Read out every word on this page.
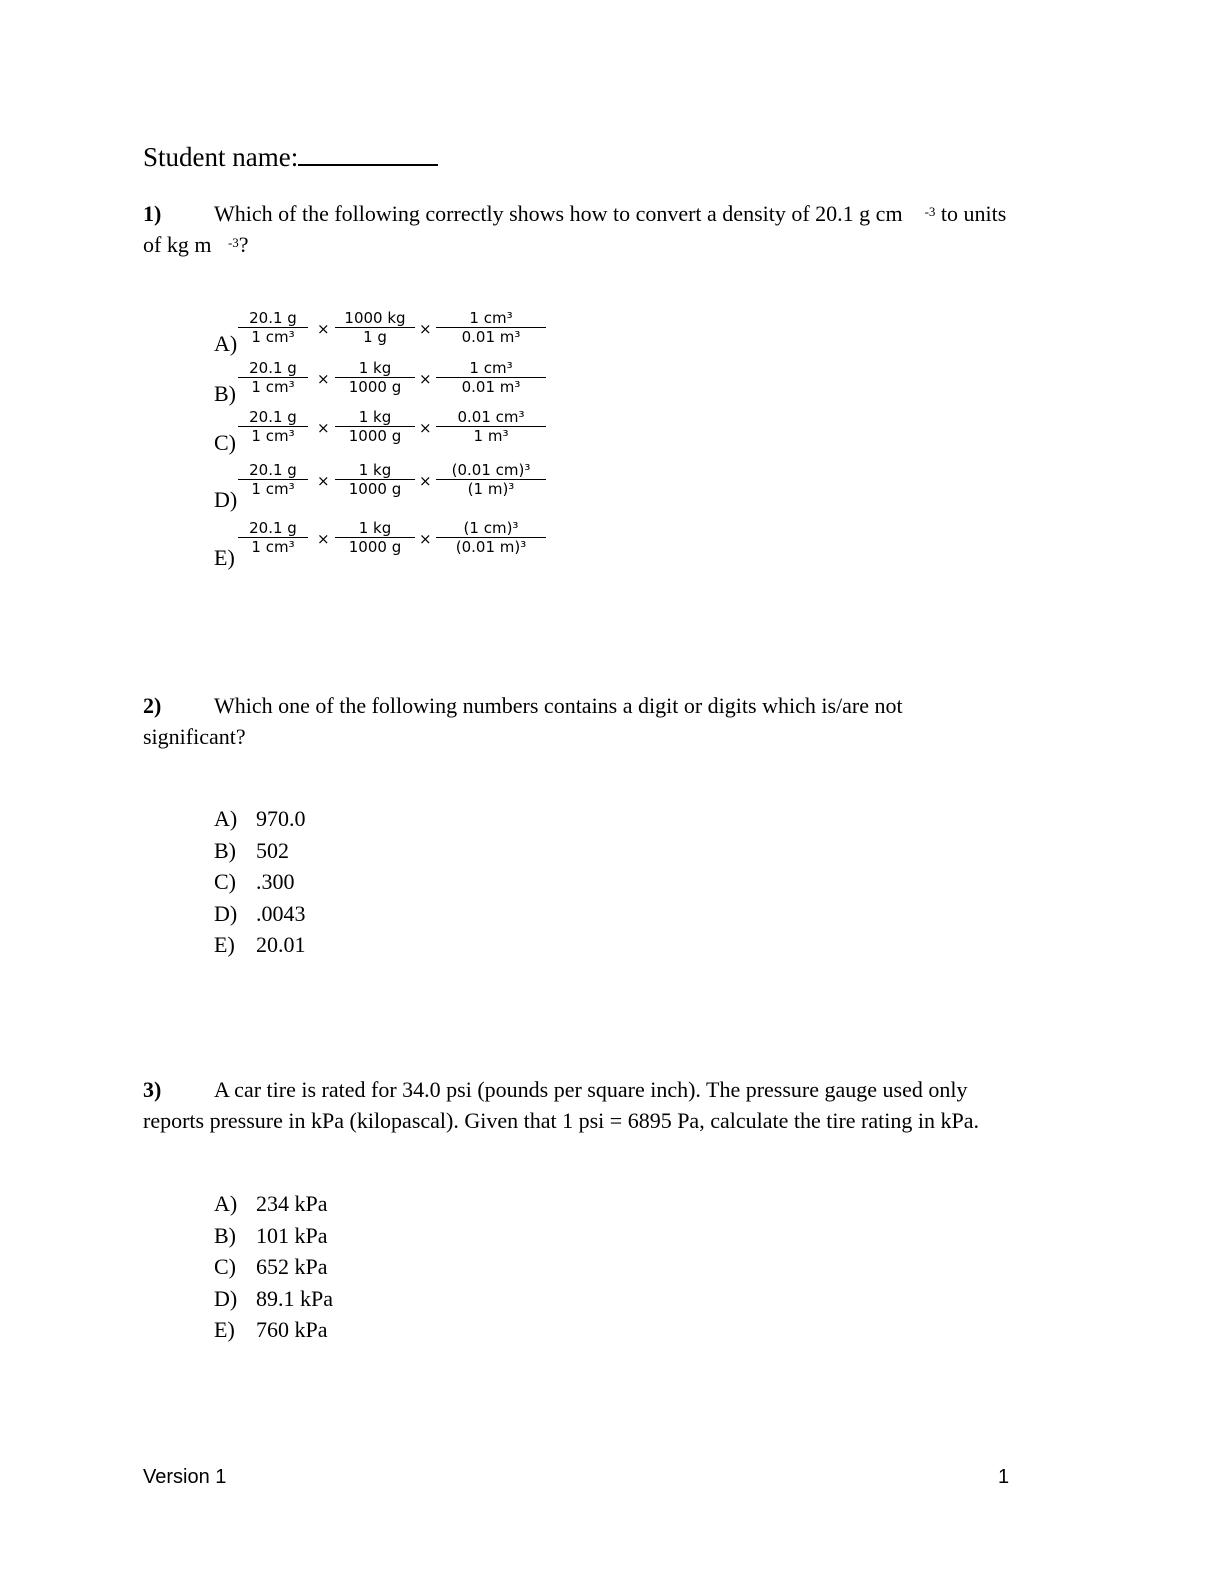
Student name:
1) Which of the following correctly shows how to convert a density of 20.1 g cm $^{-3}$ to units
of kg m $^{-3}$?
$A) \frac{20.1 g}{\text{1 cm³}} \frac{1000 kg}{1 g} \frac{\text{1 cm³}}{\text{0.01 m³}}$
×	×
$B) \frac{20.1 g}{\text{1 cm³}} \frac{1 kg}{1000 g} \frac{\text{1 cm³}}{\text{0.01 m³}}$
×	×
$C) \frac{20.1 g}{\text{1 cm³}} \frac{1 kg}{1000 g} \frac{\text{0.01 cm³}}{\text{1 m³}}$
×	×
D)
$\frac{20.1 g}{\text{1 cm³}} \frac{1 kg}{1000 g} \frac{\text{(0.01 cm)³}}{\text{(1 m)³}}$
×	×
E)
$\frac{20.1 g}{\text{1 cm³}} \frac{1 kg}{1000 g} \frac{\text{(1 cm)³}}{\text{(0.01 m)³}}$
×	×
2) Which one of the following numbers contains a digit or digits which is/are not
significant?
A) 970.0
B) 502
C) .300
D) .0043
E) 20.01
3) A car tire is rated for 34.0 psi (pounds per square inch). The pressure gauge used only
reports pressure in kPa (kilopascal). Given that 1 psi = 6895 Pa, calculate the tire rating in kPa.
A) 234 kPa
B) 101 kPa
C) 652 kPa
D) 89.1 kPa
E) 760 kPa
Version 1	1
